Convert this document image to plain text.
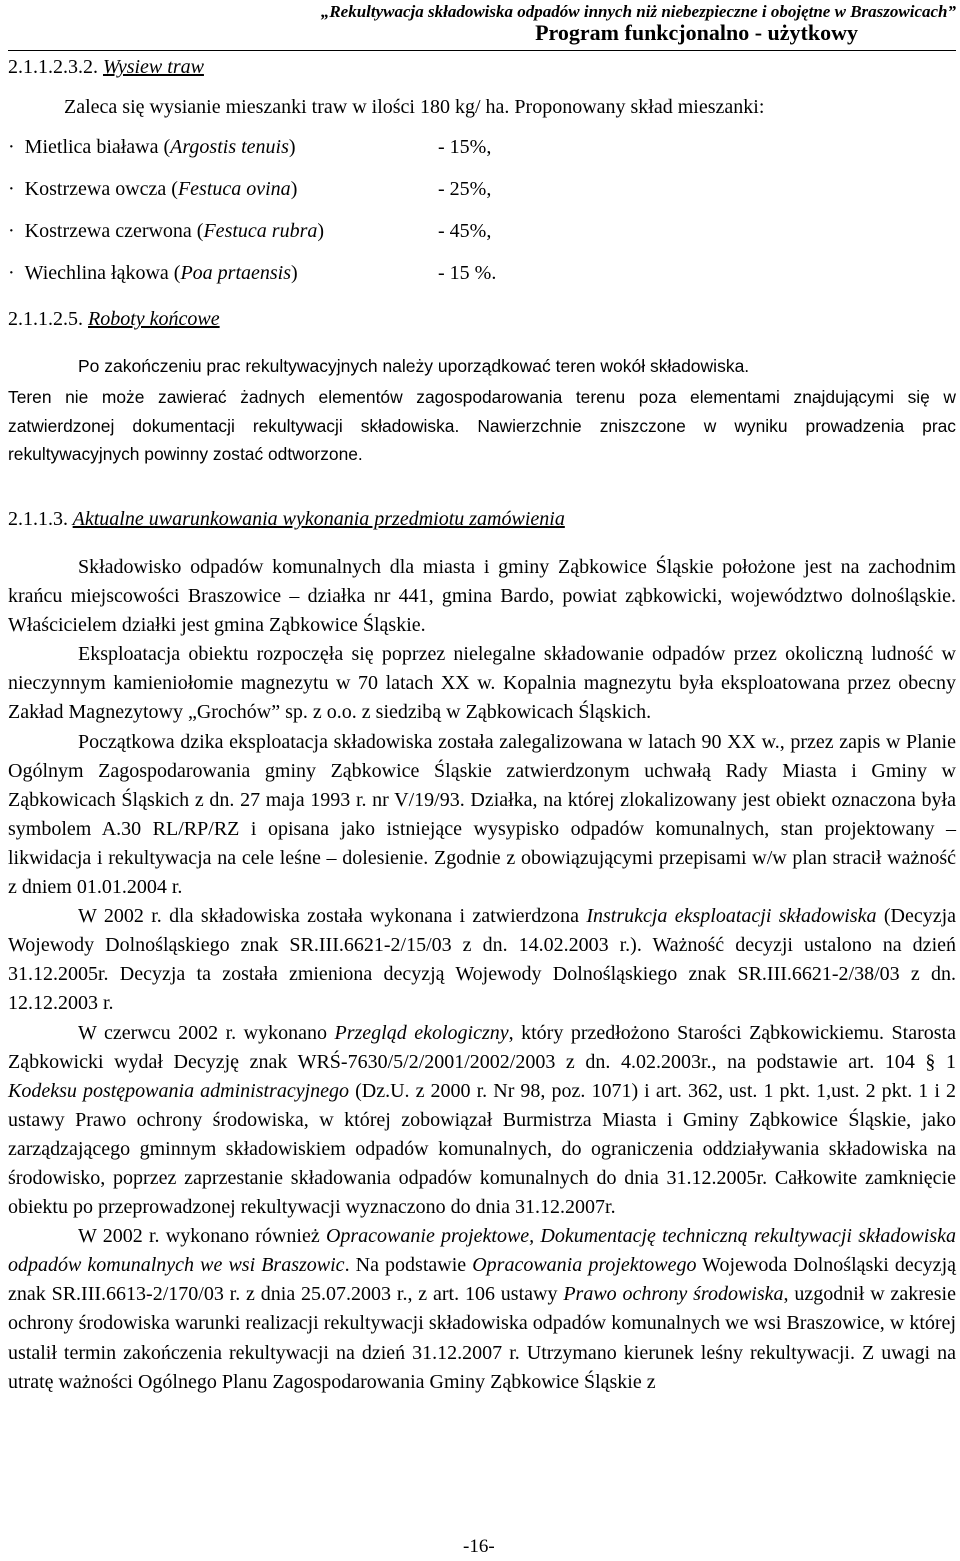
„Rekultywacja składowiska odpadów innych niż niebezpieczne i obojętne w Braszowicach”
Program funkcjonalno - użytkowy
2.1.1.2.3.2. Wysiew traw
Zaleca się wysianie mieszanki traw w ilości 180 kg/ ha. Proponowany skład mieszanki:
· Mietlica biaława (Argostis tenuis)	- 15%,
· Kostrzewa owcza (Festuca ovina)	- 25%,
· Kostrzewa czerwona (Festuca rubra)	- 45%,
· Wiechlina łąkowa (Poa prtaensis)	- 15 %.
2.1.1.2.5. Roboty końcowe
Po zakończeniu prac rekultywacyjnych należy uporządkować teren wokół składowiska.

Teren nie może zawierać żadnych elementów zagospodarowania terenu poza elementami znajdującymi się w zatwierdzonej dokumentacji rekultywacji składowiska. Nawierzchnie zniszczone w wyniku prowadzenia prac rekultywacyjnych powinny zostać odtworzone.

2.1.1.3. Aktualne uwarunkowania wykonania przedmiotu zamówienia

Składowisko odpadów komunalnych dla miasta i gminy Ząbkowice Śląskie położone jest na zachodnim krańcu miejscowości Braszowice – działka nr 441, gmina Bardo, powiat ząbkowicki, województwo dolnośląskie. Właścicielem działki jest gmina Ząbkowice Śląskie.

Eksploatacja obiektu rozpoczęła się poprzez nielegalne składowanie odpadów przez okoliczną ludność w nieczynnym kamieniołomie magnezytu w 70 latach XX w. Kopalnia magnezytu była eksploatowana przez obecny Zakład Magnezytowy „Grochów” sp. z o.o. z siedzibą w Ząbkowicach Śląskich.

Początkowa dzika eksploatacja składowiska została zalegalizowana w latach 90 XX w., przez zapis w Planie Ogólnym Zagospodarowania gminy Ząbkowice Śląskie zatwierdzonym uchwałą Rady Miasta i Gminy w Ząbkowicach Śląskich z dn. 27 maja 1993 r. nr V/19/93. Działka, na której zlokalizowany jest obiekt oznaczona była symbolem A.30 RL/RP/RZ i opisana jako istniejące wysypisko odpadów komunalnych, stan projektowany – likwidacja i rekultywacja na cele leśne – dolesienie. Zgodnie z obowiązującymi przepisami w/w plan stracił ważność z dniem 01.01.2004 r.

W 2002 r. dla składowiska została wykonana i zatwierdzona Instrukcja eksploatacji składowiska (Decyzja Wojewody Dolnośląskiego znak SR.III.6621-2/15/03 z dn. 14.02.2003 r.). Ważność decyzji ustalono na dzień 31.12.2005r. Decyzja ta została zmieniona decyzją Wojewody Dolnośląskiego znak SR.III.6621-2/38/03 z dn. 12.12.2003 r.

W czerwcu 2002 r. wykonano Przegląd ekologiczny, który przedłożono Starości Ząbkowickiemu. Starosta Ząbkowicki wydał Decyzję znak WRŚ-7630/5/2/2001/2002/2003 z dn. 4.02.2003r., na podstawie art. 104 § 1 Kodeksu postępowania administracyjnego (Dz.U. z 2000 r. Nr 98, poz. 1071) i art. 362, ust. 1 pkt. 1,ust. 2 pkt. 1 i 2 ustawy Prawo ochrony środowiska, w której zobowiązał Burmistrza Miasta i Gminy Ząbkowice Śląskie, jako zarządzającego gminnym składowiskiem odpadów komunalnych, do ograniczenia oddziaływania składowiska na środowisko, poprzez zaprzestanie składowania odpadów komunalnych do dnia 31.12.2005r. Całkowite zamknięcie obiektu po przeprowadzonej rekultywacji wyznaczono do dnia 31.12.2007r.

W 2002 r. wykonano również Opracowanie projektowe, Dokumentację techniczną rekultywacji składowiska odpadów komunalnych we wsi Braszowic. Na podstawie Opracowania projektowego Wojewoda Dolnośląski decyzją znak SR.III.6613-2/170/03 r. z dnia 25.07.2003 r., z art. 106 ustawy Prawo ochrony środowiska, uzgodnił w zakresie ochrony środowiska warunki realizacji rekultywacji składowiska odpadów komunalnych we wsi Braszowice, w której ustalił termin zakończenia rekultywacji na dzień 31.12.2007 r. Utrzymano kierunek leśny rekultywacji. Z uwagi na utratę ważności Ogólnego Planu Zagospodarowania Gminy Ząbkowice Śląskie z

-16-
